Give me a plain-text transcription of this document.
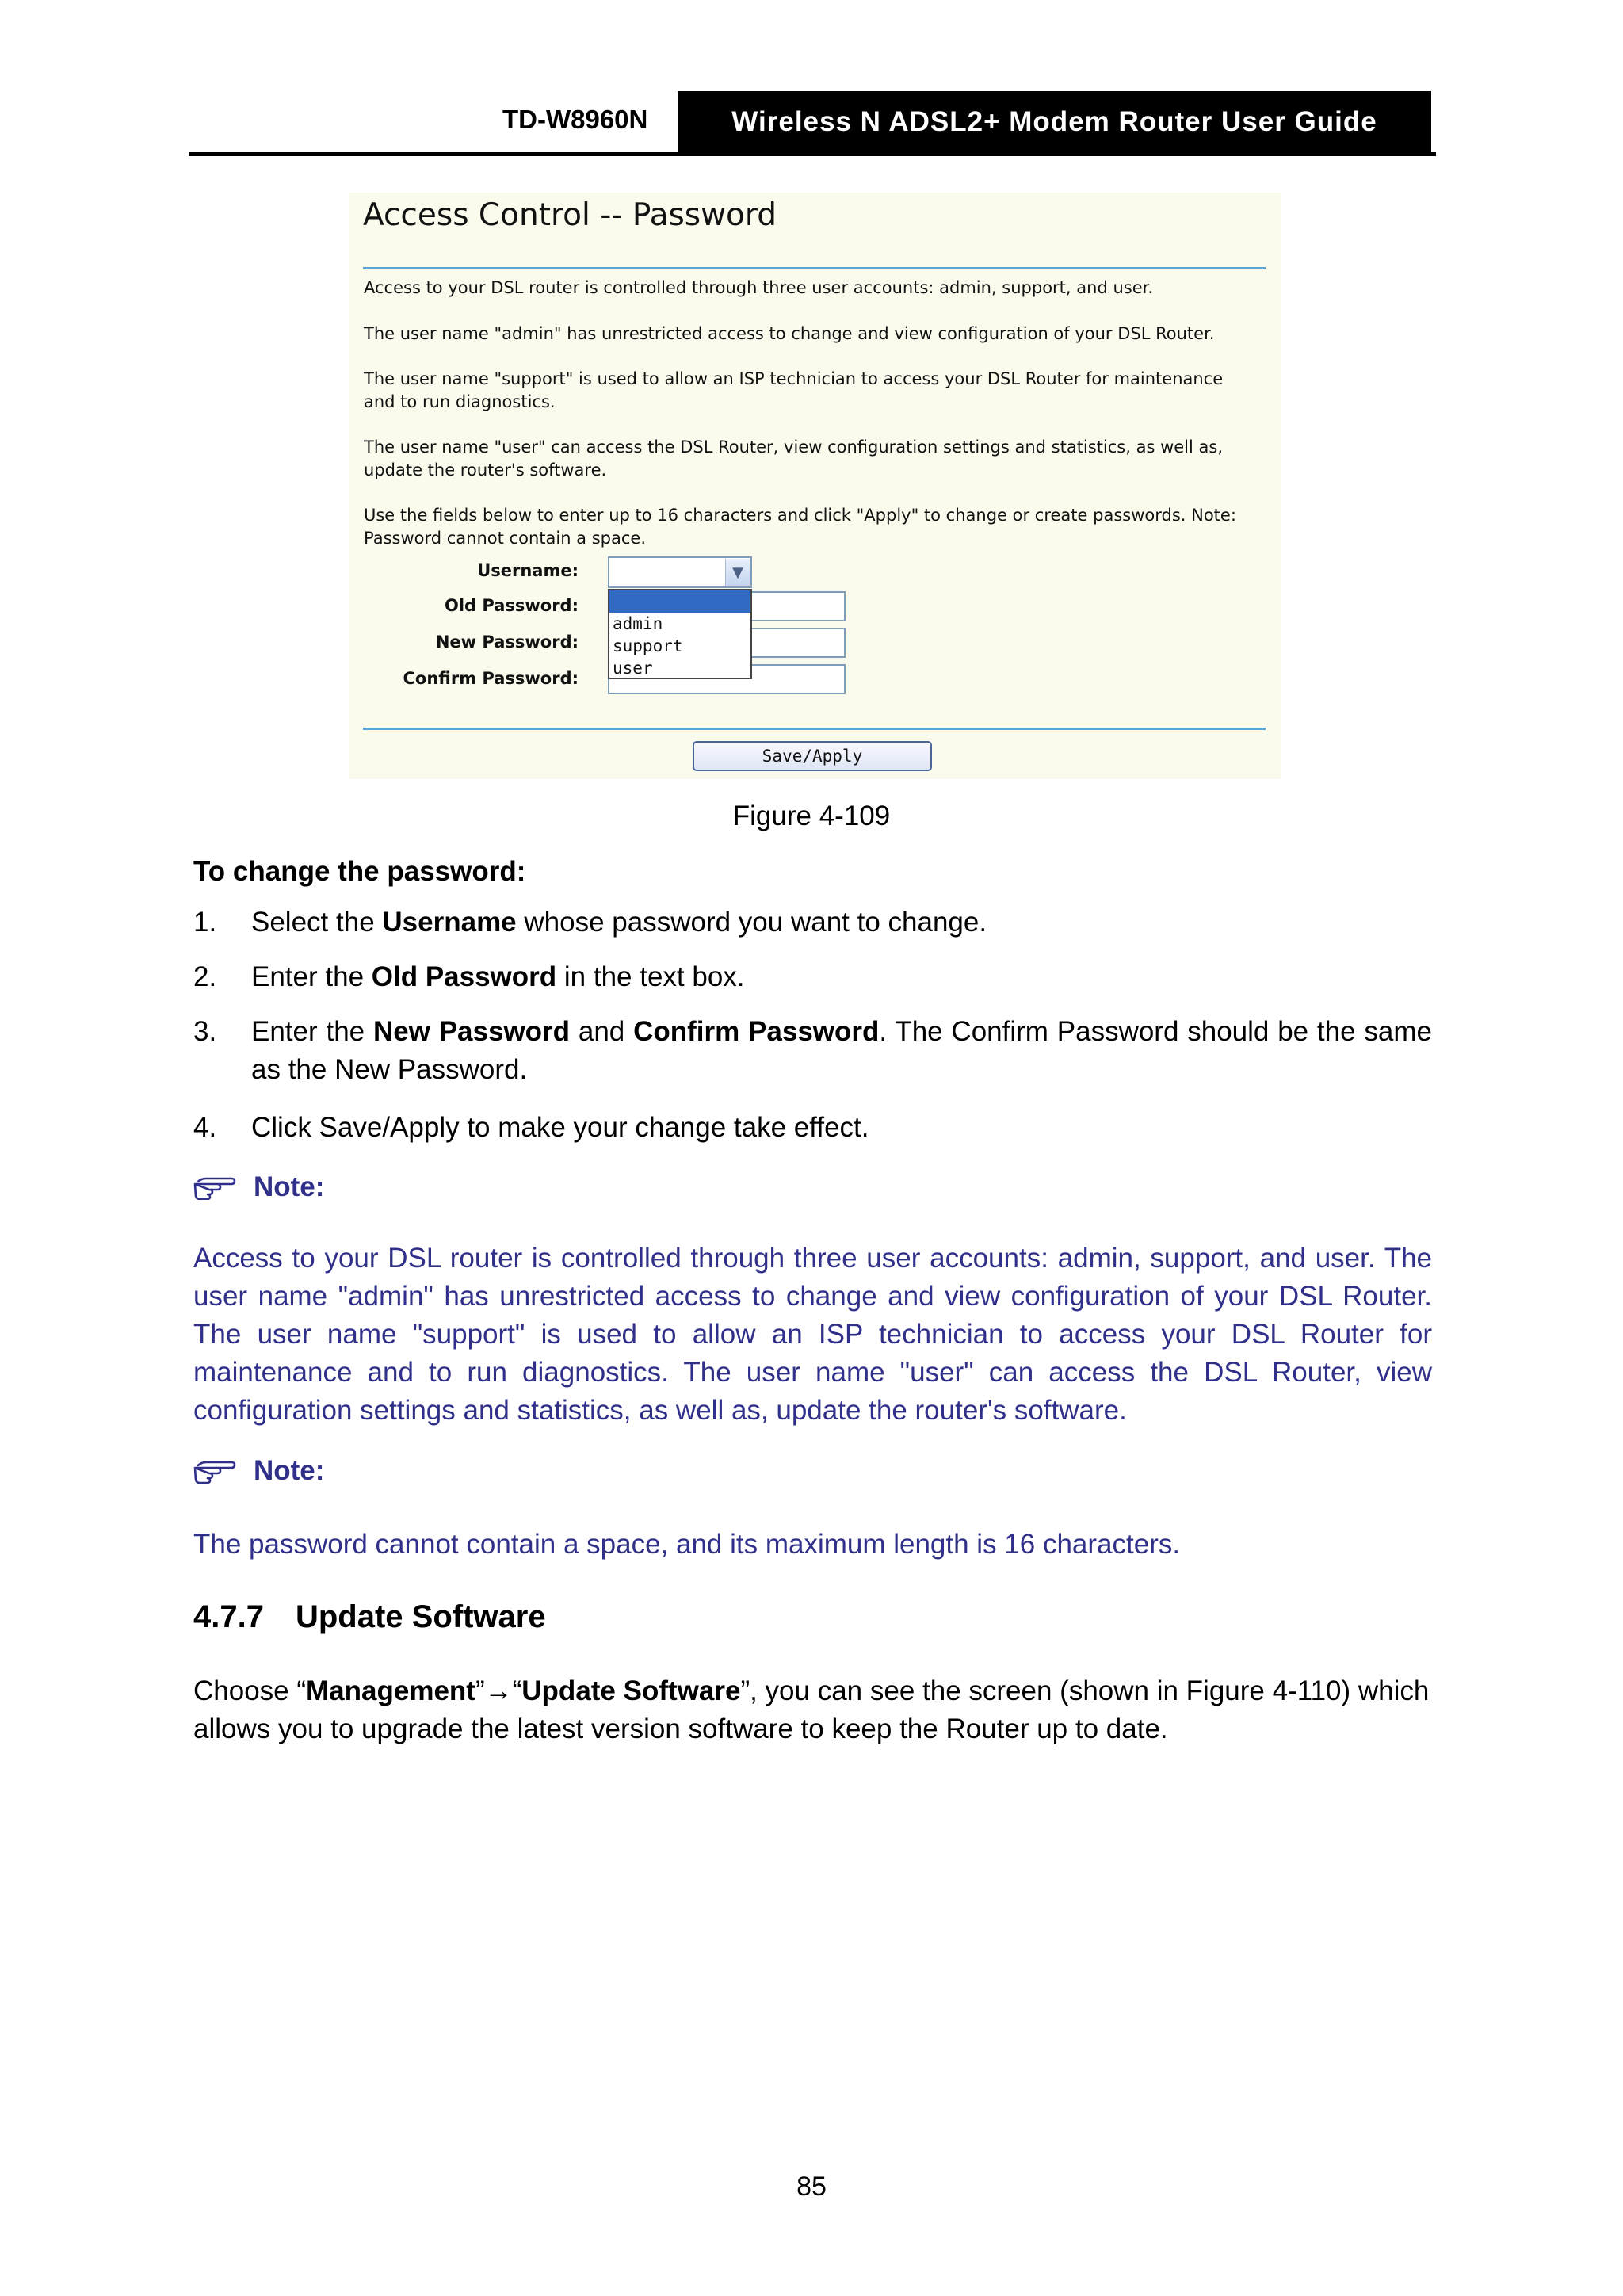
TD-W8960N	Wireless N ADSL2+ Modem Router User Guide
Access Control -- Password
Access to your DSL router is controlled through three user accounts: admin, support, and user.
The user name "admin" has unrestricted access to change and view configuration of your DSL Router.
The user name "support" is used to allow an ISP technician to access your DSL Router for maintenance and to run diagnostics.
The user name "user" can access the DSL Router, view configuration settings and statistics, as well as, update the router's software.
Use the fields below to enter up to 16 characters and click "Apply" to change or create passwords. Note: Password cannot contain a space.
Username:
Old Password:
New Password:
Confirm Password:
▼
admin
support
user
Save/Apply
Figure 4-109
To change the password:
1. Select the Username whose password you want to change.
2. Enter the Old Password in the text box.
3. Enter the New Password and Confirm Password. The Confirm Password should be the same as the New Password.
4. Click Save/Apply to make your change take effect.
Note:
Access to your DSL router is controlled through three user accounts: admin, support, and user. The user name "admin" has unrestricted access to change and view configuration of your DSL Router. The user name "support" is used to allow an ISP technician to access your DSL Router for maintenance and to run diagnostics. The user name "user" can access the DSL Router, view configuration settings and statistics, as well as, update the router's software.
Note:
The password cannot contain a space, and its maximum length is 16 characters.
4.7.7 Update Software
Choose “Management”→“Update Software”, you can see the screen (shown in Figure 4-110) which allows you to upgrade the latest version software to keep the Router up to date.
85
